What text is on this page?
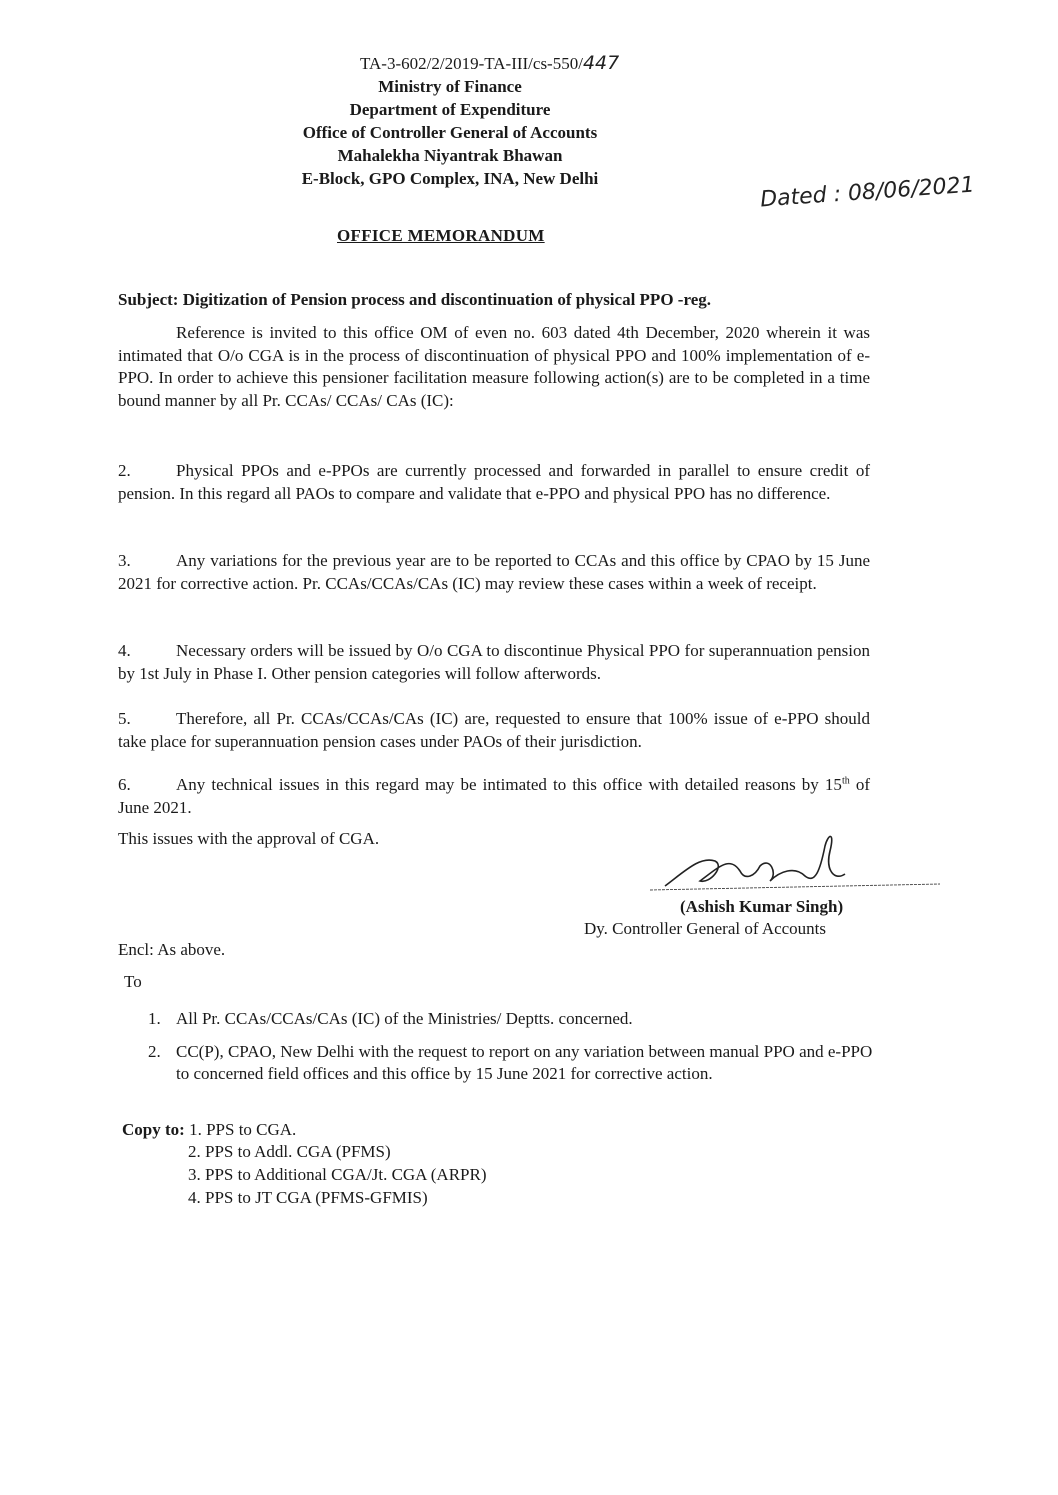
TA-3-602/2/2019-TA-III/cs-550/447
Ministry of Finance
Department of Expenditure
Office of Controller General of Accounts
Mahalekha Niyantrak Bhawan
E-Block, GPO Complex, INA, New Delhi	Dated : 08/06/2021
OFFICE MEMORANDUM
Subject: Digitization of Pension process and discontinuation of physical PPO -reg.
Reference is invited to this office OM of even no. 603 dated 4th December, 2020 wherein it was intimated that O/o CGA is in the process of discontinuation of physical PPO and 100% implementation of e-PPO. In order to achieve this pensioner facilitation measure following action(s) are to be completed in a time bound manner by all Pr. CCAs/ CCAs/ CAs (IC):
2.	Physical PPOs and e-PPOs are currently processed and forwarded in parallel to ensure credit of pension. In this regard all PAOs to compare and validate that e-PPO and physical PPO has no difference.
3.	Any variations for the previous year are to be reported to CCAs and this office by CPAO by 15 June 2021 for corrective action. Pr. CCAs/CCAs/CAs (IC) may review these cases within a week of receipt.
4.	Necessary orders will be issued by O/o CGA to discontinue Physical PPO for superannuation pension by 1st July in Phase I. Other pension categories will follow afterwords.
5.	Therefore, all Pr. CCAs/CCAs/CAs (IC) are, requested to ensure that 100% issue of e-PPO should take place for superannuation pension cases under PAOs of their jurisdiction.
6.	Any technical issues in this regard may be intimated to this office with detailed reasons by 15th of June 2021.
This issues with the approval of CGA.
(Ashish Kumar Singh)
Dy. Controller General of Accounts
Encl: As above.
To
1. All Pr. CCAs/CCAs/CAs (IC) of the Ministries/ Deptts. concerned.
2. CC(P), CPAO, New Delhi with the request to report on any variation between manual PPO and e-PPO to concerned field offices and this office by 15 June 2021 for corrective action.
Copy to: 1. PPS to CGA.
2. PPS to Addl. CGA (PFMS)
3. PPS to Additional CGA/Jt. CGA (ARPR)
4. PPS to JT CGA (PFMS-GFMIS)
